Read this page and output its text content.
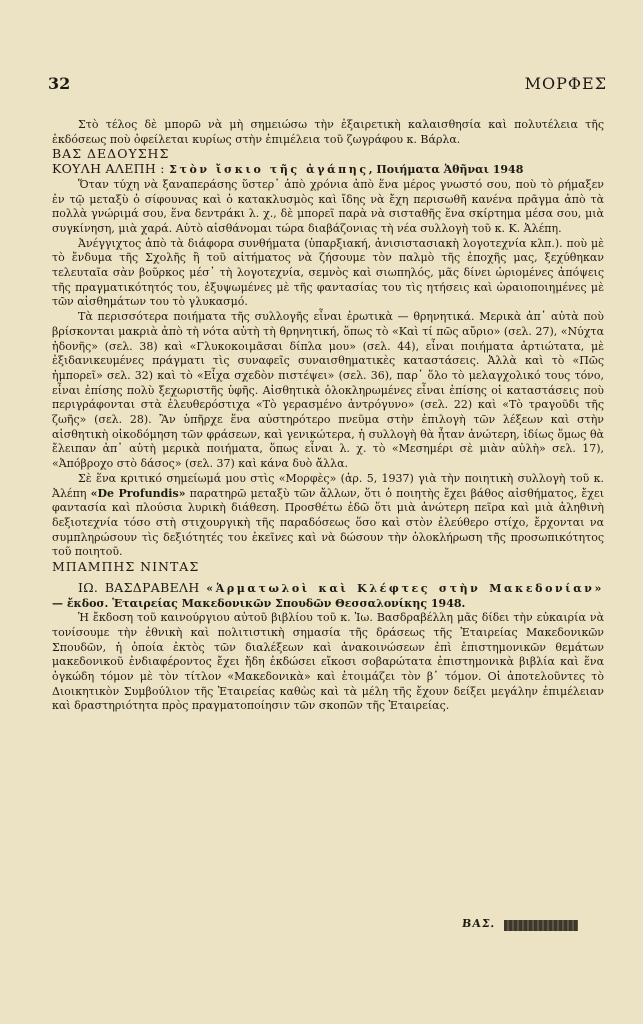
32	ΜΟΡΦΕΣ

Στὸ τέλος δὲ μπορῶ νὰ μὴ σημειώσω τὴν ἐξαιρετικὴ καλαισθησία καὶ πολυτέλεια τῆς ἐκδόσεως ποὺ ὀφείλεται κυρίως στὴν ἐπιμέλεια τοῦ ζωγράφου κ. Βάρλα.

ΒΑΣ ΔΕΔΟΥΣΗΣ

ΚΟΥΛΗ ΑΛΕΠΗ : Στὸν ἴσκιο τῆς ἀγάπης, Ποιήματα Ἀθῆναι 1948

Ὅταν τύχη νὰ ξαναπεράσης ὕστερ᾽ ἀπὸ χρόνια ἀπὸ ἕνα μέρος γνωστό σου, ποὺ τὸ ρήμαξεν ἐν τῷ μεταξὺ ὁ σίφουνας καὶ ὁ κατακλυσμὸς καὶ ἴδης νὰ ἔχη περισωθῆ κανένα πρᾶγμα ἀπὸ τὰ πολλὰ γνώριμά σου, ἕνα δεντράκι λ. χ., δὲ μπορεῖ παρὰ νὰ σισταθῆς ἕνα σκίρτημα μέσα σου, μιὰ συγκίνηση, μιὰ χαρά. Αὐτὸ αἰσθάνομαι τώρα διαβάζονιας τὴ νέα συλλογὴ τοῦ κ. Κ. Ἀλέπη.

Ἀνέγγιχτος ἀπὸ τὰ διάφορα συνθήματα (ὑπαρξιακή, ἀνισιστασιακὴ λογοτεχνία κλπ.). ποὺ μὲ τὸ ἔνδυμα τῆς Σχολῆς ἢ τοῦ αἰτήματος νὰ ζήσουμε τὸν παλμὸ τῆς ἐποχῆς μας, ξεχύθηκαν τελευταῖα σὰν βοῦρκος μέσ᾽ τὴ λογοτεχνία, σεμνὸς καὶ σιωπηλός, μᾶς δίνει ὡριομένες ἀπόψεις τῆς πραγματικότητός του, ἐξυψωμένες μὲ τῆς φαντασίας του τὶς ητήσεις καὶ ὡραιοποιημένες μὲ τῶν αἰσθημάτων του τὸ γλυκασμό.

Τὰ περισσότερα ποιήματα τῆς συλλογῆς εἶναι ἐρωτικὰ — θρηνητικά. Μερικὰ ἀπ᾽ αὐτὰ ποὺ βρίσκονται μακριὰ ἀπὸ τὴ νότα αὐτὴ τὴ θρηνητική, ὅπως τὸ «Καὶ τί πῶς αὔριο» (σελ. 27), «Νύχτα ἡδονῆς» (σελ. 38) καὶ «Γλυκοκοιμᾶσαι δίπλα μου» (σελ. 44), εἶναι ποιήματα ἀρτιώτατα, μὲ ἐξιδανικευμένες πράγματι τὶς συναφεῖς συναισθηματικὲς καταστάσεις. Ἀλλὰ καὶ τὸ «Πῶς ἠμπορεῖ» σελ. 32) καὶ τὸ «Εἶχα σχεδὸν πιστέψει» (σελ. 36), παρ᾽ ὅλο τὸ μελαγχολικό τους τόνο, εἶναι ἐπίσης πολὺ ξεχωριστῆς ὑφῆς. Αἰσθητικὰ ὁλοκληρωμένες εἶναι ἐπίσης οἱ καταστάσεις ποὺ περιγράφονται στὰ ἐλευθερόστιχα «Τὸ γερασμένο ἀντρόγυνο» (σελ. 22) καὶ «Τὸ τραγοῦδι τῆς ζωῆς» (σελ. 28). Ἂν ὑπῆρχε ἕνα αὐστηρότερο πνεῦμα στὴν ἐπιλογὴ τῶν λέξεων καὶ στὴν αἰσθητικὴ οἰκοδόμηση τῶν φράσεων, καὶ γενικώτερα, ἡ συλλογὴ θὰ ἦταν ἀνώτερη, ἰδίως ὅμως θὰ ἔλειπαν ἀπ᾽ αὐτὴ μερικὰ ποιήματα, ὅπως εἶναι λ. χ. τὸ «Μεσημέρι σὲ μιὰν αὐλὴ» σελ. 17), «Ἀπόβροχο στὸ δάσος» (σελ. 37) καὶ κάνα δυὸ ἄλλα.

Σὲ ἕνα κριτικό σημείωμά μου στὶς «Μορφὲς» (ἀρ. 5, 1937) γιὰ τὴν ποιητικὴ συλλογὴ τοῦ κ. Ἀλέπη «De Profundis» παρατηρῶ μεταξὺ τῶν ἄλλων, ὅτι ὁ ποιητὴς ἔχει βάθος αἰσθήματος, ἔχει φαντασία καὶ πλούσια λυρικὴ διάθεση. Προσθέτω ἐδῶ ὅτι μιὰ ἀνώτερη πεῖρα καὶ μιὰ ἀληθινὴ δεξιοτεχνία τόσο στὴ στιχουργικὴ τῆς παραδόσεως ὅσο καὶ στὸν ἐλεύθερο στίχο, ἔρχονται να συμπληρώσουν τὶς δεξιότητές του ἐκεῖνες καὶ νὰ δώσουν τὴν ὁλοκλήρωση τῆς προσωπικότητος τοῦ ποιητοῦ.

ΜΠΑΜΠΗΣ ΝΙΝΤΑΣ

ΙΩ. ΒΑΣΔΡΑΒΕΛΗ «Ἁρματωλοὶ καὶ Κλέφτες στὴν Μακεδονίαν» — ἔκδοσ. Ἑταιρείας Μακεδονικῶν Σπουδῶν Θεσσαλονίκης 1948.

Ἡ ἔκδοση τοῦ καινούργιου αὐτοῦ βιβλίου τοῦ κ. Ἰω. Βασδραβέλλη μᾶς δίδει τὴν εὐκαιρία νὰ τονίσουμε τὴν ἐθνικὴ καὶ πολιτιστικὴ σημασία τῆς δράσεως τῆς Ἑταιρείας Μακεδονικῶν Σπουδῶν, ἡ ὁποία ἐκτὸς τῶν διαλέξεων καὶ ἀνακοινώσεων ἐπὶ ἐπιστημονικῶν θεμάτων μακεδονικοῦ ἐνδιαφέροντος ἔχει ἤδη ἐκδώσει εἴκοσι σοβαρώτατα ἐπιστημονικὰ βιβλία καὶ ἕνα ὀγκώδη τόμον μὲ τὸν τίτλον «Μακεδονικὰ» καὶ ἑτοιμάζει τὸν β᾽ τόμον. Οἱ ἀποτελοῦντες τὸ Διοικητικὸν Συμβούλιον τῆς Ἑταιρείας καθὼς καὶ τὰ μέλη τῆς ἔχουν δείξει μεγάλην ἐπιμέλειαν καὶ δραστηριότητα πρὸς πραγματοποίησιν τῶν σκοπῶν τῆς Ἑταιρείας.

ΒΑΣ.
